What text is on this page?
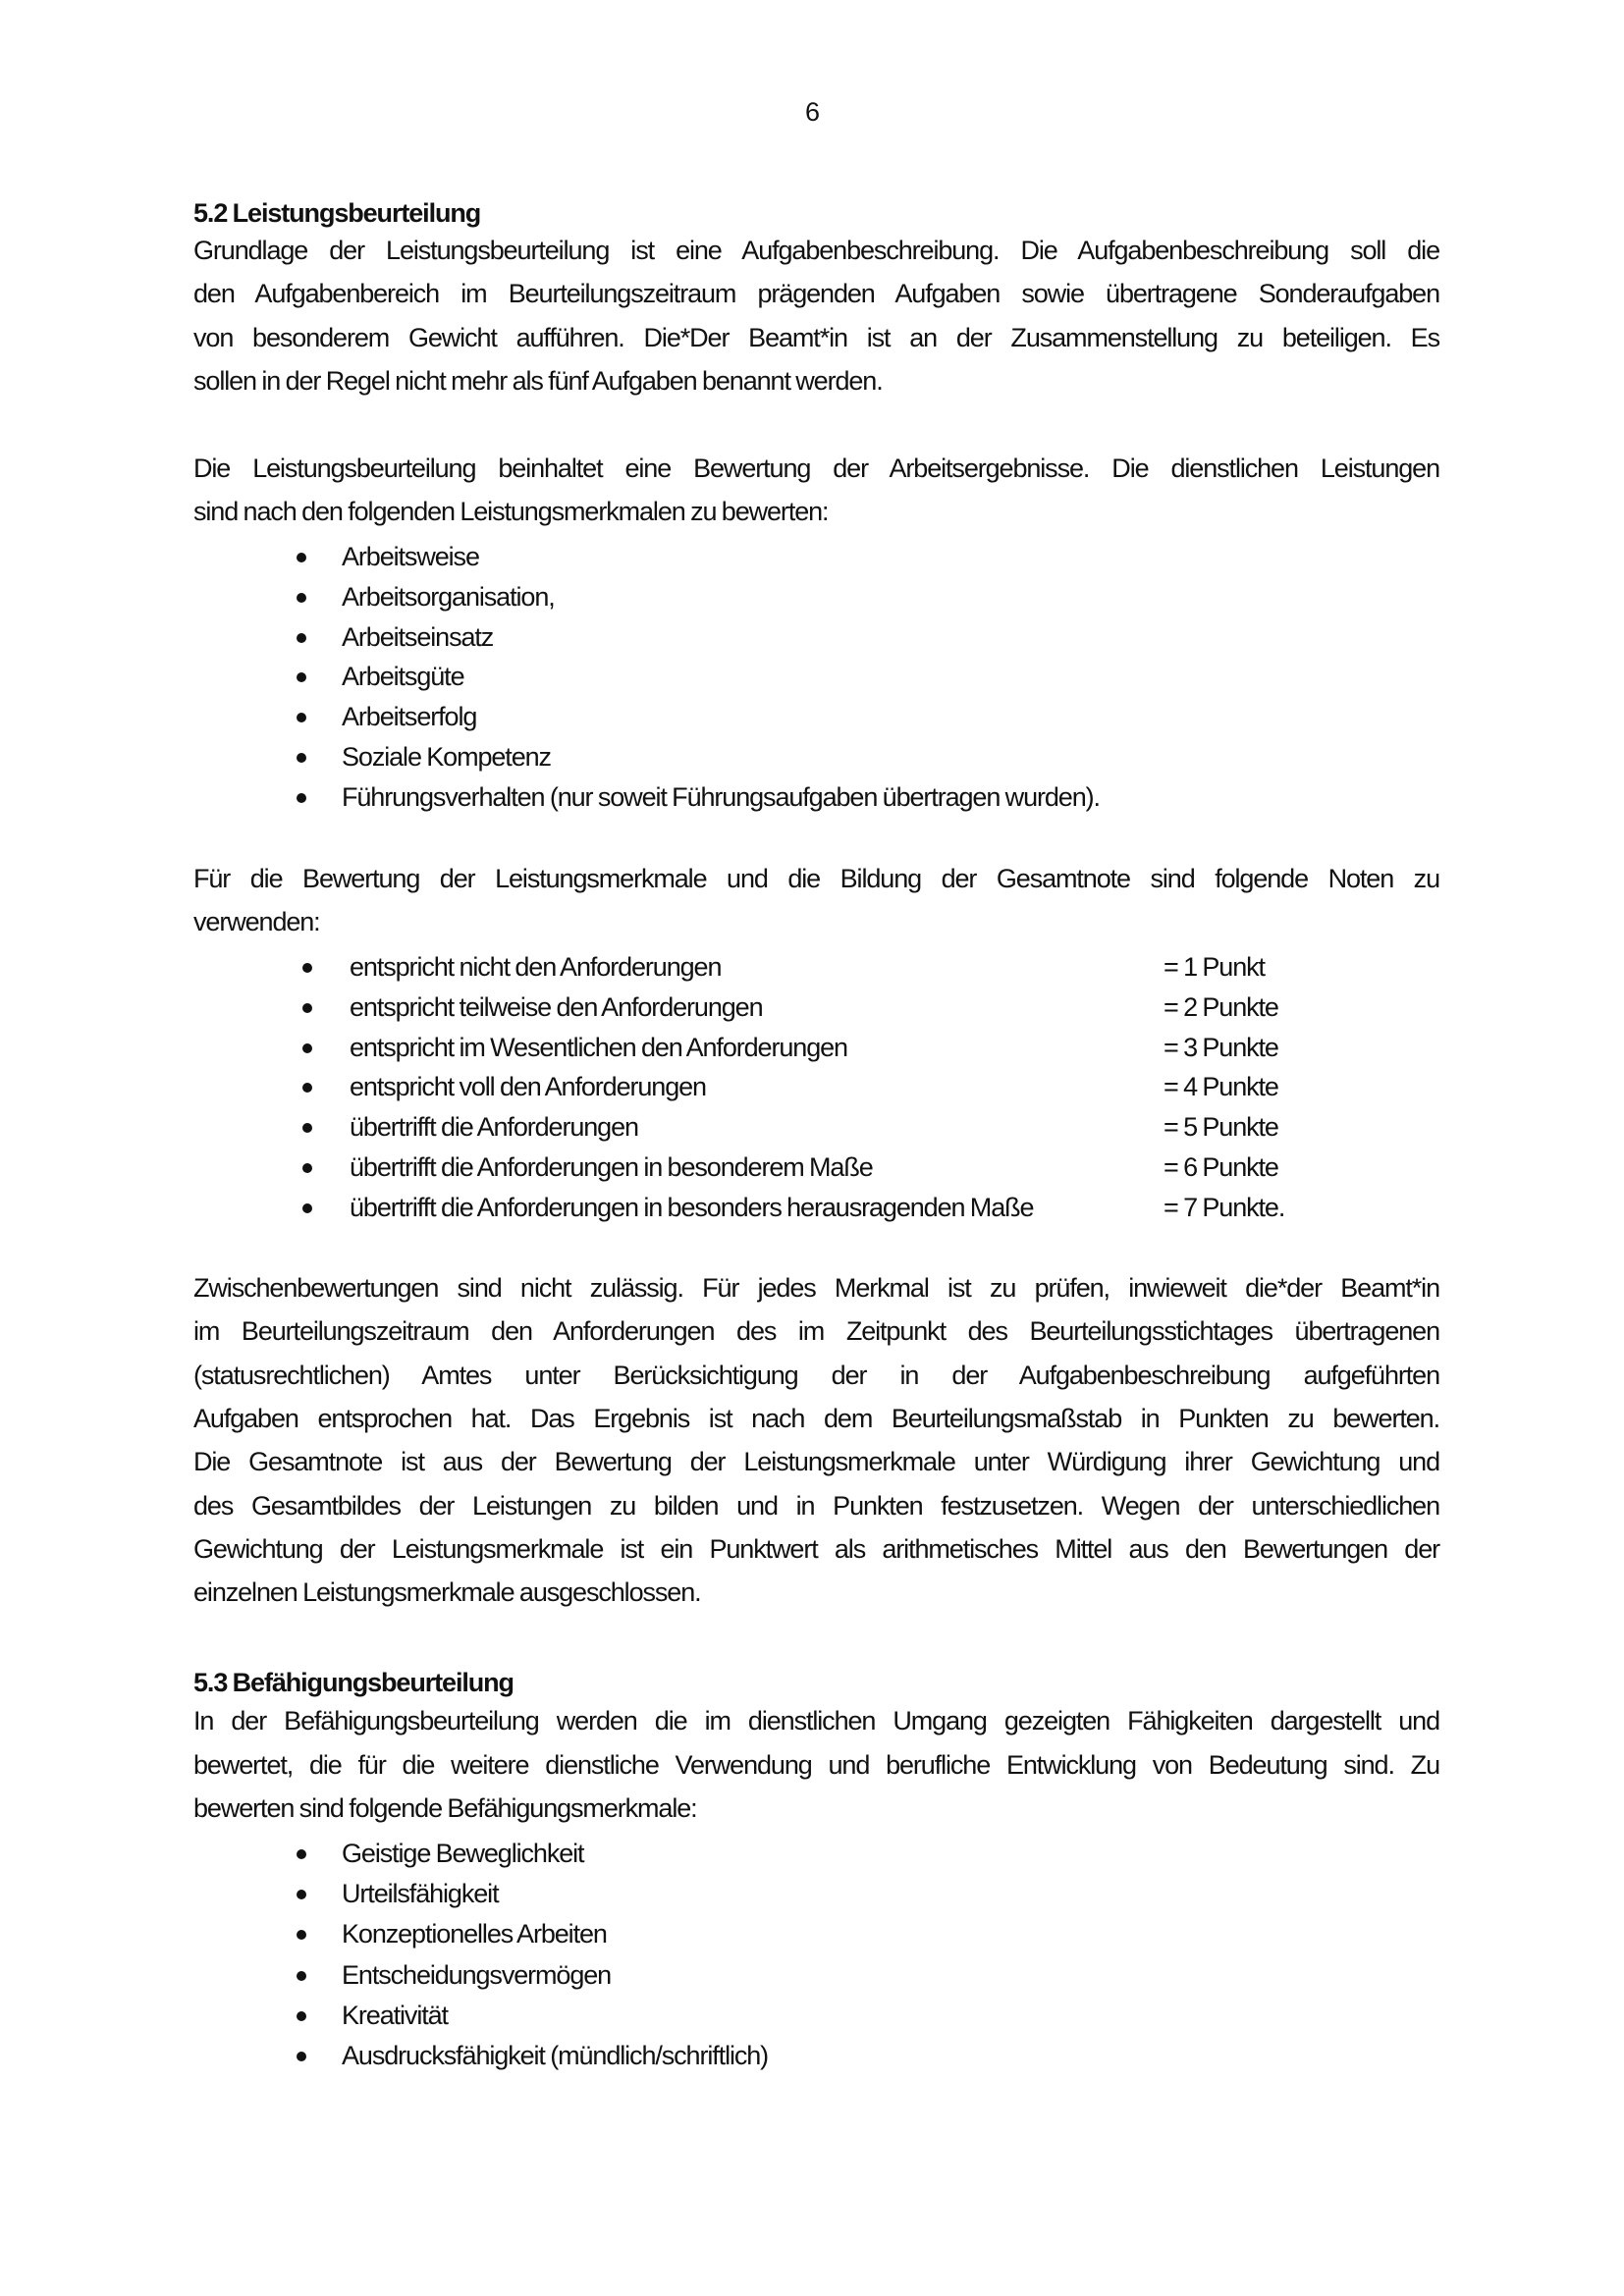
6
5.2 Leistungsbeurteilung
Grundlage der Leistungsbeurteilung ist eine Aufgabenbeschreibung. Die Aufgabenbeschreibung soll die
den Aufgabenbereich im Beurteilungszeitraum prägenden Aufgaben sowie übertragene Sonderaufgaben
von besonderem Gewicht aufführen. Die*Der Beamt*in ist an der Zusammenstellung zu beteiligen. Es
sollen in der Regel nicht mehr als fünf Aufgaben benannt werden.
Die Leistungsbeurteilung beinhaltet eine Bewertung der Arbeitsergebnisse. Die dienstlichen Leistungen
sind nach den folgenden Leistungsmerkmalen zu bewerten:
Arbeitsweise
Arbeitsorganisation,
Arbeitseinsatz
Arbeitsgüte
Arbeitserfolg
Soziale Kompetenz
Führungsverhalten (nur soweit Führungsaufgaben übertragen wurden).
Für die Bewertung der Leistungsmerkmale und die Bildung der Gesamtnote sind folgende Noten zu
verwenden:
entspricht nicht den Anforderungen	= 1 Punkt
entspricht teilweise den Anforderungen	= 2 Punkte
entspricht im Wesentlichen den Anforderungen	= 3 Punkte
entspricht voll den Anforderungen	= 4 Punkte
übertrifft die Anforderungen	= 5 Punkte
übertrifft die Anforderungen in besonderem Maße	= 6 Punkte
übertrifft die Anforderungen in besonders herausragenden Maße	= 7 Punkte.
Zwischenbewertungen sind nicht zulässig. Für jedes Merkmal ist zu prüfen, inwieweit die*der Beamt*in
im Beurteilungszeitraum den Anforderungen des im Zeitpunkt des Beurteilungsstichtages übertragenen
(statusrechtlichen) Amtes unter Berücksichtigung der in der Aufgabenbeschreibung aufgeführten
Aufgaben entsprochen hat. Das Ergebnis ist nach dem Beurteilungsmaßstab in Punkten zu bewerten.
Die Gesamtnote ist aus der Bewertung der Leistungsmerkmale unter Würdigung ihrer Gewichtung und
des Gesamtbildes der Leistungen zu bilden und in Punkten festzusetzen. Wegen der unterschiedlichen
Gewichtung der Leistungsmerkmale ist ein Punktwert als arithmetisches Mittel aus den Bewertungen der
einzelnen Leistungsmerkmale ausgeschlossen.
5.3 Befähigungsbeurteilung
In der Befähigungsbeurteilung werden die im dienstlichen Umgang gezeigten Fähigkeiten dargestellt und
bewertet, die für die weitere dienstliche Verwendung und berufliche Entwicklung von Bedeutung sind. Zu
bewerten sind folgende Befähigungsmerkmale:
Geistige Beweglichkeit
Urteilsfähigkeit
Konzeptionelles Arbeiten
Entscheidungsvermögen
Kreativität
Ausdrucksfähigkeit (mündlich/schriftlich)
